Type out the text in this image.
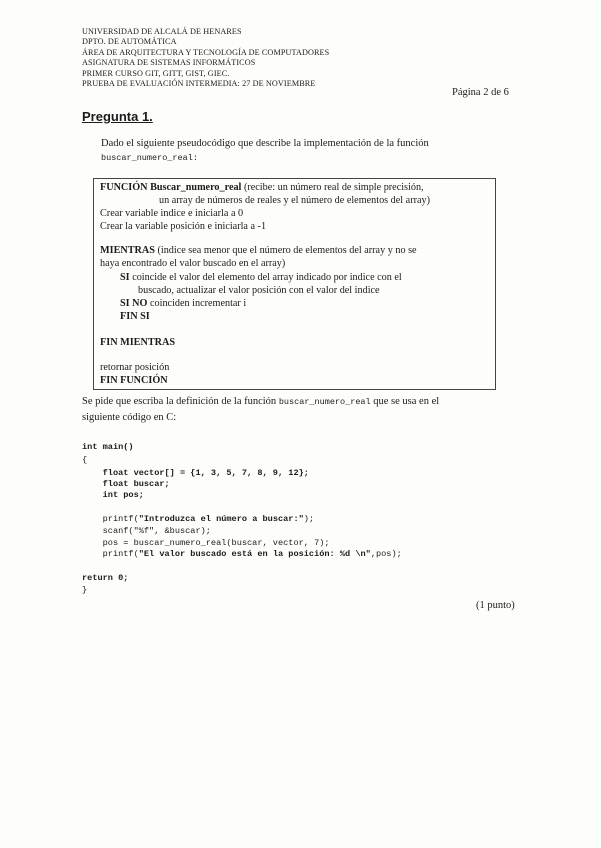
UNIVERSIDAD DE ALCALÁ DE HENARES
DPTO. DE AUTOMÁTICA
ÁREA DE ARQUITECTURA Y TECNOLOGÍA DE COMPUTADORES
ASIGNATURA DE SISTEMAS INFORMÁTICOS
PRIMER CURSO GIT, GITT, GIST, GIEC.
PRUEBA DE EVALUACIÓN INTERMEDIA: 27 DE NOVIEMBRE
Página 2 de 6
Pregunta 1.
Dado el siguiente pseudocódigo que describe la implementación de la función
buscar_numero_real:
FUNCIÓN Buscar_numero_real (recibe: un número real de simple precisión,
un array de números de reales y el número de elementos del array)
Crear variable indice e iniciarla a 0
Crear la variable posición e iniciarla a -1
MIENTRAS (indice sea menor que el número de elementos del array y no se
haya encontrado el valor buscado en el array)
SI coincide el valor del elemento del array indicado por indice con el
buscado, actualizar el valor posición con el valor del indice
SI NO coinciden incrementar i
FIN SI
FIN MIENTRAS
retornar posición
FIN FUNCIÓN
Se pide que escriba la definición de la función buscar_numero_real que se usa en el
siguiente código en C:
int main()
{
float vector[] = {1, 3, 5, 7, 8, 9, 12};
float buscar;
int pos;
printf("Introduzca el número a buscar:");
scanf("%f", &buscar);
pos = buscar_numero_real(buscar, vector, 7);
printf("El valor buscado está en la posición: %d \n",pos);
return 0;
}
(1 punto)
